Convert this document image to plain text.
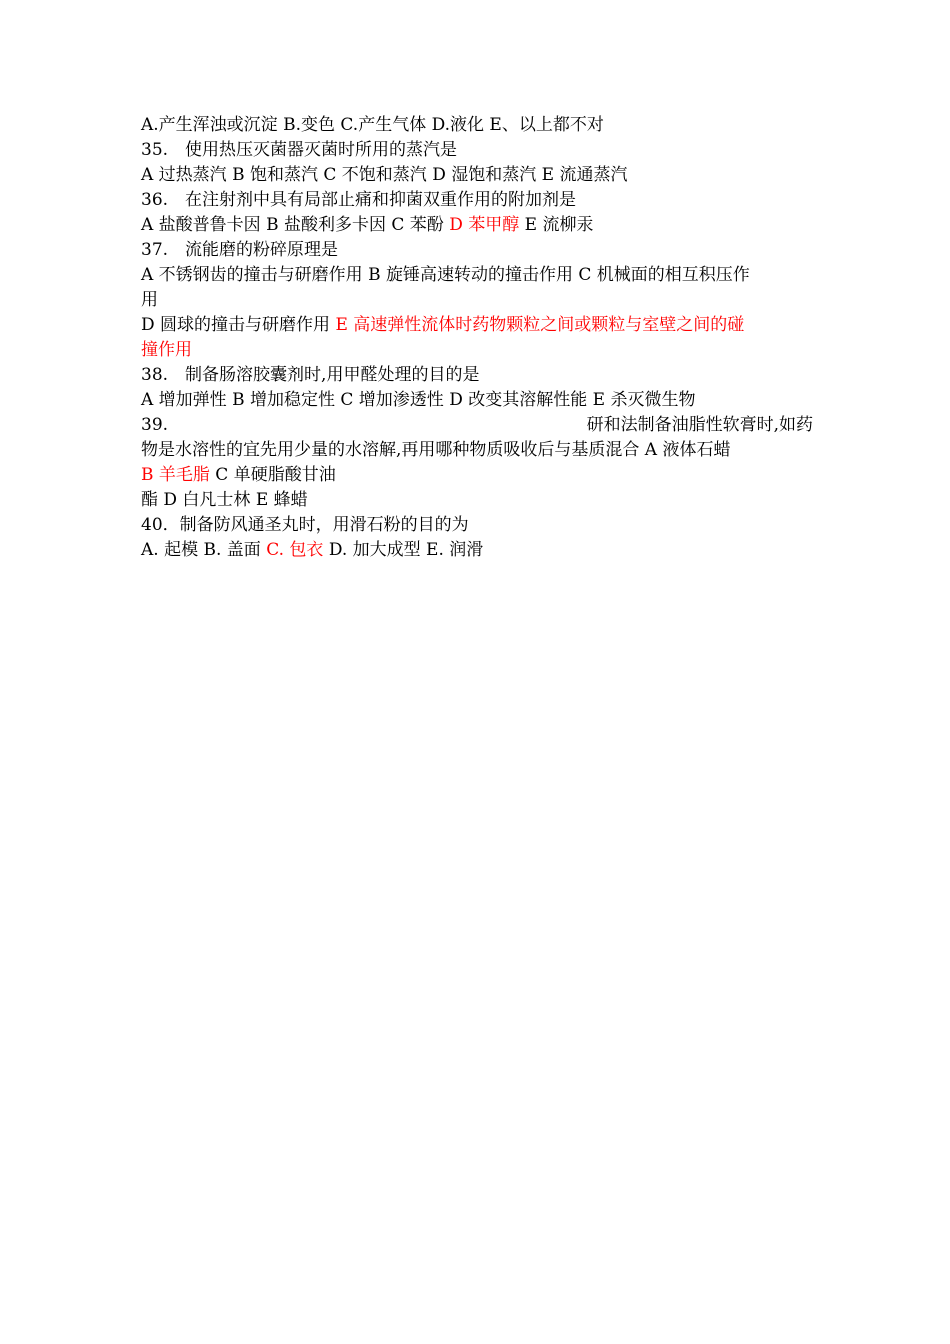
A.产生浑浊或沉淀 B.变色 C.产生气体 D.液化 E、以上都不对
35.　使用热压灭菌器灭菌时所用的蒸汽是
A 过热蒸汽 B 饱和蒸汽 C 不饱和蒸汽 D 湿饱和蒸汽 E 流通蒸汽
36.　在注射剂中具有局部止痛和抑菌双重作用的附加剂是
A 盐酸普鲁卡因 B 盐酸利多卡因 C 苯酚 D 苯甲醇 E 流柳汞
37.　流能磨的粉碎原理是
A 不锈钢齿的撞击与研磨作用 B 旋锤高速转动的撞击作用 C 机械面的相互积压作
用
D 圆球的撞击与研磨作用 E 高速弹性流体时药物颗粒之间或颗粒与室壁之间的碰
撞作用
38.　制备肠溶胶囊剂时,用甲醛处理的目的是
A 增加弹性 B 增加稳定性 C 增加渗透性 D 改变其溶解性能 E 杀灭微生物
39.	研和法制备油脂性软膏时,如药
物是水溶性的宜先用少量的水溶解,再用哪种物质吸收后与基质混合 A 液体石蜡
B 羊毛脂 C 单硬脂酸甘油
酯 D 白凡士林 E 蜂蜡
40．制备防风通圣丸时，用滑石粉的目的为
A. 起模 B. 盖面 C. 包衣 D. 加大成型 E. 润滑
